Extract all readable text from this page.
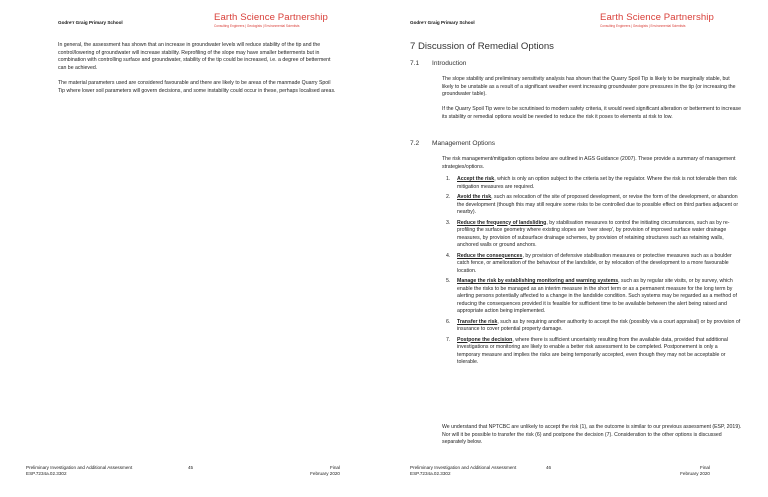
Godre'r Graig Primary School	Earth Science Partnership
Consulting Engineers | Geologists | Environmental Scientists

In general, the assessment has shown that an increase in groundwater levels will reduce stability of the tip and the control/lowering of groundwater will increase stability. Reprofiling of the slope may have smaller betterments but in combination with controlling surface and groundwater, stability of the tip could be increased, i.e. a degree of betterment can be achieved.

The material parameters used are considered favourable and there are likely to be areas of the manmade Quarry Spoil Tip where lower soil parameters will govern decisions, and some instability could occur in these, perhaps localised areas.

Preliminary Investigation and Additional Assessment
ESP.7234a.02.3302
45	Final
February 2020
Godre'r Graig Primary School	Earth Science Partnership
Consulting Engineers | Geologists | Environmental Scientists
7 Discussion of Remedial Options
7.1 Introduction

The slope stability and preliminary sensitivity analysis has shown that the Quarry Spoil Tip is likely to be marginally stable, but likely to be unstable as a result of a significant weather event increasing groundwater pore pressures in the tip (or increasing the groundwater table).

If the Quarry Spoil Tip were to be scrutinised to modern safety criteria, it would need significant alteration or betterment to increase its stability or remedial options would be needed to reduce the risk it poses to elements at risk to low.

7.2 Management Options

The risk management/mitigation options below are outlined in AGS Guidance (2007). These provide a summary of management strategies/options.

1. Accept the risk, which is only an option subject to the criteria set by the regulator. Where the risk is not tolerable then risk mitigation measures are required.
2. Avoid the risk, such as relocation of the site of proposed development, or revise the form of the development, or abandon the development (though this may still require some risks to be controlled due to possible effect on third parties adjacent or nearby).
3. Reduce the frequency of landsliding, by stabilisation measures to control the initiating circumstances, such as by re-profiling the surface geometry where existing slopes are 'over steep', by provision of improved surface water drainage measures, by provision of subsurface drainage schemes, by provision of retaining structures such as retaining walls, anchored walls or ground anchors.
4. Reduce the consequences, by provision of defensive stabilisation measures or protective measures such as a boulder catch fence, or amelioration of the behaviour of the landslide, or by relocation of the development to a more favourable location.
5. Manage the risk by establishing monitoring and warning systems, such as by regular site visits, or by survey, which enable the risks to be managed as an interim measure in the short term or as a permanent measure for the long term by alerting persons potentially affected to a change in the landslide condition. Such systems may be regarded as a method of reducing the consequences provided it is feasible for sufficient time to be available between the alert being raised and appropriate action being implemented.
6. Transfer the risk, such as by requiring another authority to accept the risk (possibly via a court appraisal) or by provision of insurance to cover potential property damage.
7. Postpone the decision, where there is sufficient uncertainty resulting from the available data, provided that additional investigations or monitoring are likely to enable a better risk assessment to be completed. Postponement is only a temporary measure and implies the risks are being temporarily accepted, even though they may not be acceptable or tolerable.

We understand that NPTCBC are unlikely to accept the risk (1), as the outcome is similar to our previous assessment (ESP, 2019). Nor will it be possible to transfer the risk (6) and postpone the decision (7). Consideration to the other options is discussed separately below.

Preliminary Investigation and Additional Assessment
ESP.7234a.02.3302
46	Final
February 2020
